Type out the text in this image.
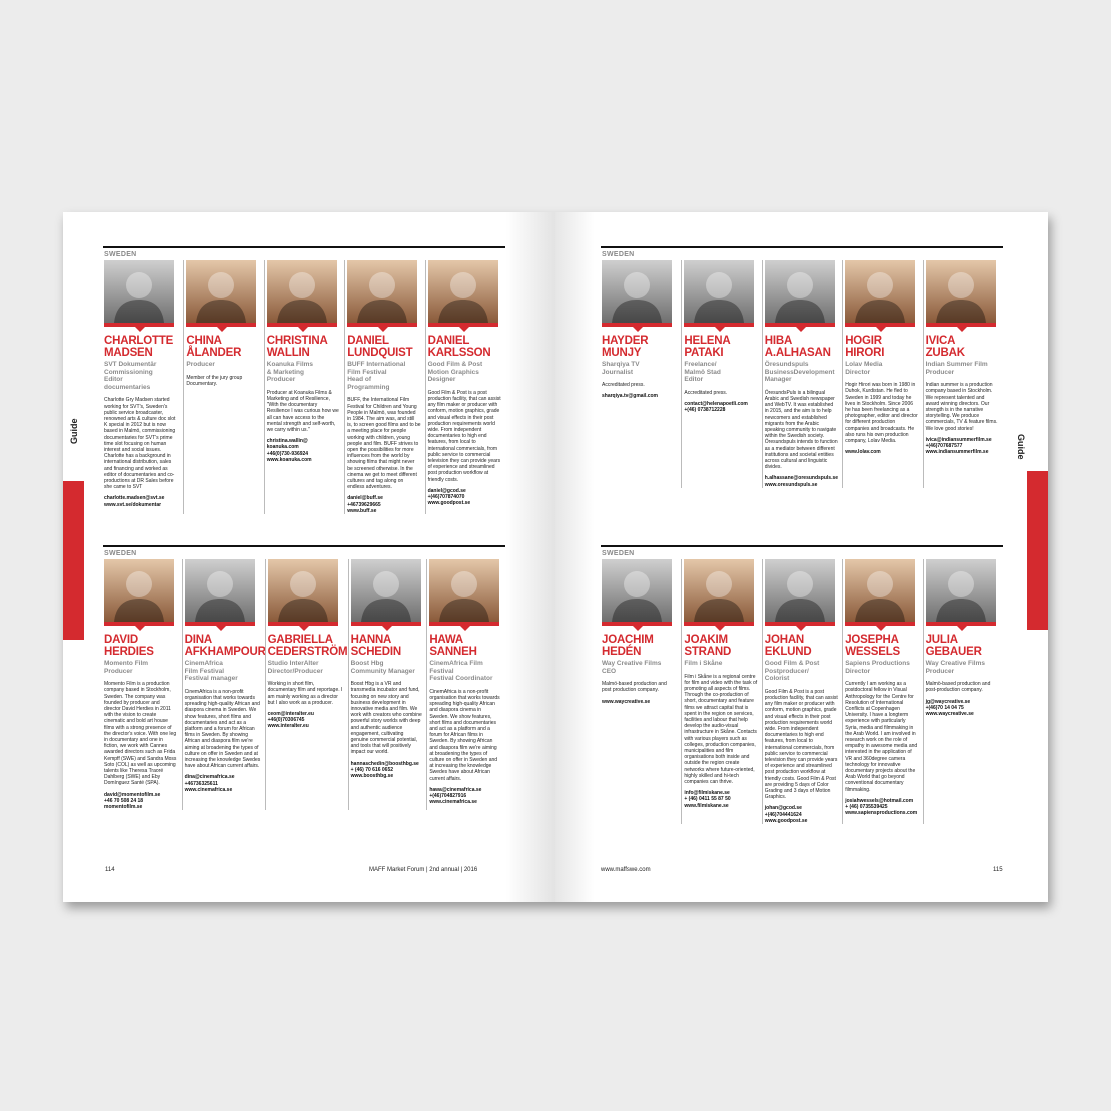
Guide
SWEDEN
CHARLOTTE
MADSEN
SVT Dokumentär
Commissioning
Editor
documentaries
Charlotte Gry Madsen started working for SVT's, Sweden's public service broadcaster, renowned arts & culture doc slot K special in 2012 but is now based in Malmö, commissioning documentaries for SVT's prime time slot focusing on human interest and social issues. Charlotte has a background in international distribution, sales and financing and worked as editor of documentaries and co-productions at DR Sales before she came to SVT
charlotte.madsen@svt.se
www.svt.se/dokumentar
CHINA
ÅLANDER
Producer
Member of the jury group Documentary.
CHRISTINA
WALLIN
Koanuka Films
& Marketing
Producer
Producer at Koanuka Films & Marketing and of Resilience, "With the documentary Resilience I was curious how we all can have access to the mental strength and self-worth, we carry within us."
christina.wallin@
koanuka.com
+46(0)730-936924
www.koanuka.com
DANIEL
LUNDQUIST
BUFF International
Film Festival
Head of
Programming
BUFF, the International Film Festival for Children and Young People in Malmö, was founded in 1984. The aim was, and still is, to screen good films and to be a meeting place for people working with children, young people and film. BUFF strives to open the possibilities for more influences from the world by showing films that might never be screened otherwise. In the cinema we get to meet different cultures and tag along on endless adventures.
daniel@buff.se
+46739629665
www.buff.se
DANIEL
KARLSSON
Good Film & Post
Motion Graphics
Designer
Good Film & Post is a post production facility, that can assist any film maker or producer with conform, motion graphics, grade and visual effects in their post production requirements world wide. From independent documentaries to high end features, from local to international commercials, from public service to commercial television they can provide years of experience and streamlined post production workflow at friendly costs.
daniel@gcod.se
+(46)707874070
www.goodpost.se
SWEDEN
DAVID
HERDIES
Momento Film
Producer
Momento Film is a production company based in Stockholm, Sweden. The company was founded by producer and director David Herdies in 2011 with the vision to create cinematic and bold art house films with a strong presence of the director's voice. With one leg in documentary and one in fiction, we work with Cannes awarded directors such as Frida Kempff (SWE) and Sandra Moss Soto (COL) as well as upcoming talents like Theresa Traoré Dahlberg (SWE) and Eby Domínguez Santé (SPA).
david@momentofilm.se
+46 70 508 24 18
momentofilm.se
DINA
AFKHAMPOUR
CinemAfrica
Film Festival
Festival manager
CinemAfrica is a non-profit organisation that works towards spreading high-quality African and diaspora cinema in Sweden. We show features, short films and documentaries and act as a platform and a forum for African films in Sweden. By showing African and diaspora film we're aiming at broadening the types of culture on offer in Sweden and at increasing the knowledge Swedes have about African current affairs.
dina@cinemafrica.se
+46736325611
www.cinemafrica.se
GABRIELLA
CEDERSTRÖM
Studio InterAlter
Director/Producer
Working in short film, documentary film and reportage. I am mainly working as a director but I also work as a producer.
ceom@interalter.eu
+46(0)70306745
www.interalter.eu
HANNA
SCHEDIN
Boost Hbg
Community Manager
Boost Hbg is a VR and transmedia incubator and fund, focusing on new story and business development in innovative media and film. We work with creators who combine powerful story worlds with deep and authentic audience engagement, cultivating genuine commercial potential, and tools that will positively impact our world.
hannaschedin@boosthbg.se
+ (46) 70 616 0652
www.boosthbg.se
HAWA
SANNEH
CinemAfrica Film
Festival
Festival Coordinator
CinemAfrica is a non-profit organisation that works towards spreading high-quality African and diaspora cinema in Sweden. We show features, short films and documentaries and act as a platform and a forum for African films in Sweden. By showing African and diaspora film we're aiming at broadening the types of culture on offer in Sweden and at increasing the knowledge Swedes have about African current affairs.
hawa@cinemafrica.se
+(46)704827916
www.cinemafrica.se
114	MAFF Market Forum | 2nd annual | 2016
Guide
SWEDEN
HAYDER
MUNJY
Sharqiya TV
Journalist
Accreditated press.
sharqiya.tv@gmail.com
HELENA
PATAKI
Freelance/
Malmö Stad
Editor
Accreditated press.
contact@helenapoetli.com
+(46) 0738712228
HIBA
A.ALHASAN
Öresundspuls
BusinessDevelopment
Manager
ÖresundsPuls is a bilingual Arabic and Swedish newspaper and WebTV. It was established in 2015, and the aim is to help newcomers and established migrants from the Arabic speaking community to navigate within the Swedish society. Öresundspuls intends to function as a mediator between different institutions and societal entities across cultural and linguistic divides.
h.alhassane@oresundspuls.se
www.oresundspuls.se
HOGIR
HIRORI
Lolav Media
Director
Hogir Hirori was born in 1980 in Duhok, Kurdistan. He fled to Sweden in 1999 and today he lives in Stockholm. Since 2006 he has been freelancing as a photographer, editor and director for different production companies and broadcasts. He also runs his own production company, Lolav Media.
www.lolav.com
IVICA
ZUBAK
Indian Summer Film
Producer
Indian summer is a production company based in Stockholm. We represent talented and award winning directors. Our strength is in the narrative storytelling. We produce commercials, TV & feature films. We love good stories!
ivica@indiansummerfilm.se
+(46)707687577
www.indiansummerfilm.se
SWEDEN
JOACHIM
HEDÉN
Way Creative Films
CEO
Malmö-based production and post production company.
www.waycreative.se
JOAKIM
STRAND
Film i Skåne
Film i Skåne is a regional centre for film and video with the task of promoting all aspects of films. Through the co-production of short, documentary and feature films we attract capital that is spent in the region on services, facilities and labour that help develop the audio-visual infrastructure in Skåne. Contacts with various players such as colleges, production companies, municipalities and film organisations both inside and outside the region create networks where future-oriented, highly skilled and hi-tech companies can thrive.
info@filmiskane.se
+ (46) 0411 55 87 50
www.filmiskane.se
JOHAN
EKLUND
Good Film & Post
Postproducer/
Colorist
Good Film & Post is a post production facility, that can assist any film maker or producer with conform, motion graphics, grade and visual effects in their post production requirements world wide. From independent documentaries to high end features, from local to international commercials, from public service to commercial television they can provide years of experience and streamlined post production workflow at friendly costs. Good Film & Post are providing 5 days of Color Grading and 3 days of Motion Graphics.
johan@gcod.se
+(46)704441624
www.goodpost.se
JOSEPHA
WESSELS
Sapiens Productions
Director
Currently I am working as a postdoctoral fellow in Visual Anthropology for the Centre for Resolution of International Conflicts at Copenhagen University. I have a longterm experience with particularly Syria, media and filmmaking in the Arab World. I am involved in research work on the role of empathy in awesome media and interested in the application of VR and 360degree camera technology for innovative documentary projects about the Arab World that go beyond conventional documentary filmmaking.
josiahwessels@hotmail.com
+ (46) 0735539425
www.sapiensproductions.com
JULIA
GEBAUER
Way Creative Films
Producer
Malmö-based production and post-production company.
jg@waycreative.se
+(46)70 14 04 75
www.waycreative.se
www.maffswe.com	115
